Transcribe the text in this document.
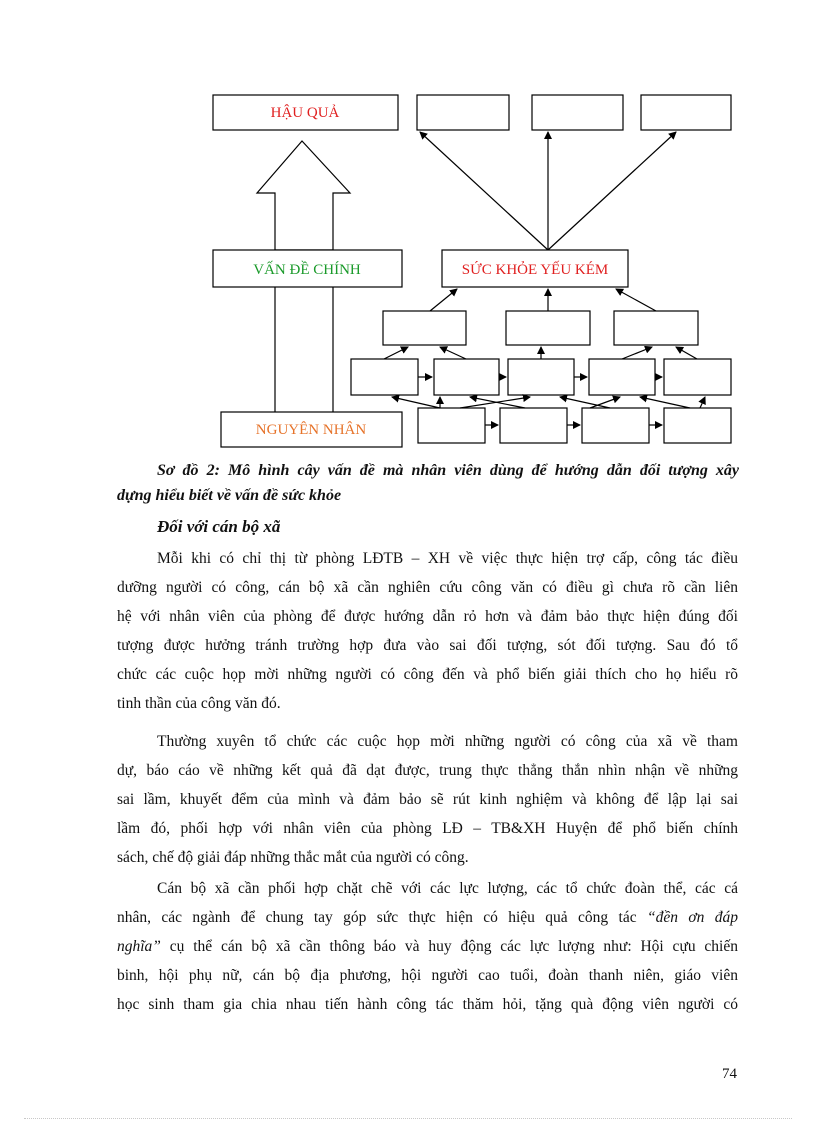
HẬU QUẢ
VẤN ĐỀ CHÍNH	SỨC KHỎE YẾU KÉM
NGUYÊN NHÂN
Sơ đồ 2: Mô hình cây vấn đề mà nhân viên dùng để hướng dẫn đối tượng xây
dựng hiểu biết về vấn đề sức khỏe
Đối với cán bộ xã

Mỗi khi có chỉ thị từ phòng LĐTB – XH về việc thực hiện trợ cấp, công tác điều
dưỡng người có công, cán bộ xã cần nghiên cứu công văn có điều gì chưa rõ cần liên
hệ với nhân viên của phòng để được hướng dẫn rỏ hơn và đảm bảo thực hiện đúng đối
tượng được hưởng tránh trường hợp đưa vào sai đối tượng, sót đối tượng. Sau đó tổ
chức các cuộc họp mời những người có công đến và phổ biến giải thích cho họ hiểu rõ
tinh thần của công văn đó.

Thường xuyên tổ chức các cuộc họp mời những người có công của xã về tham
dự, báo cáo về những kết quả đã dạt được, trung thực thẳng thắn nhìn nhận về những
sai lầm, khuyết đểm của mình và đảm bảo sẽ rút kinh nghiệm và không để lập lại sai
lầm đó, phối hợp với nhân viên của phòng LĐ – TB&XH Huyện để phổ biến chính
sách, chế độ giải đáp những thắc mắt của người có công.

Cán bộ xã cần phối hợp chặt chẽ với các lực lượng, các tổ chức đoàn thể, các cá
nhân, các ngành để chung tay góp sức thực hiện có hiệu quả công tác “đền ơn đáp
nghĩa” cụ thể cán bộ xã cần thông báo và huy động các lực lượng như: Hội cựu chiến
binh, hội phụ nữ, cán bộ địa phương, hội người cao tuổi, đoàn thanh niên, giáo viên
học sinh tham gia chia nhau tiến hành công tác thăm hỏi, tặng quà động viên người có

74
